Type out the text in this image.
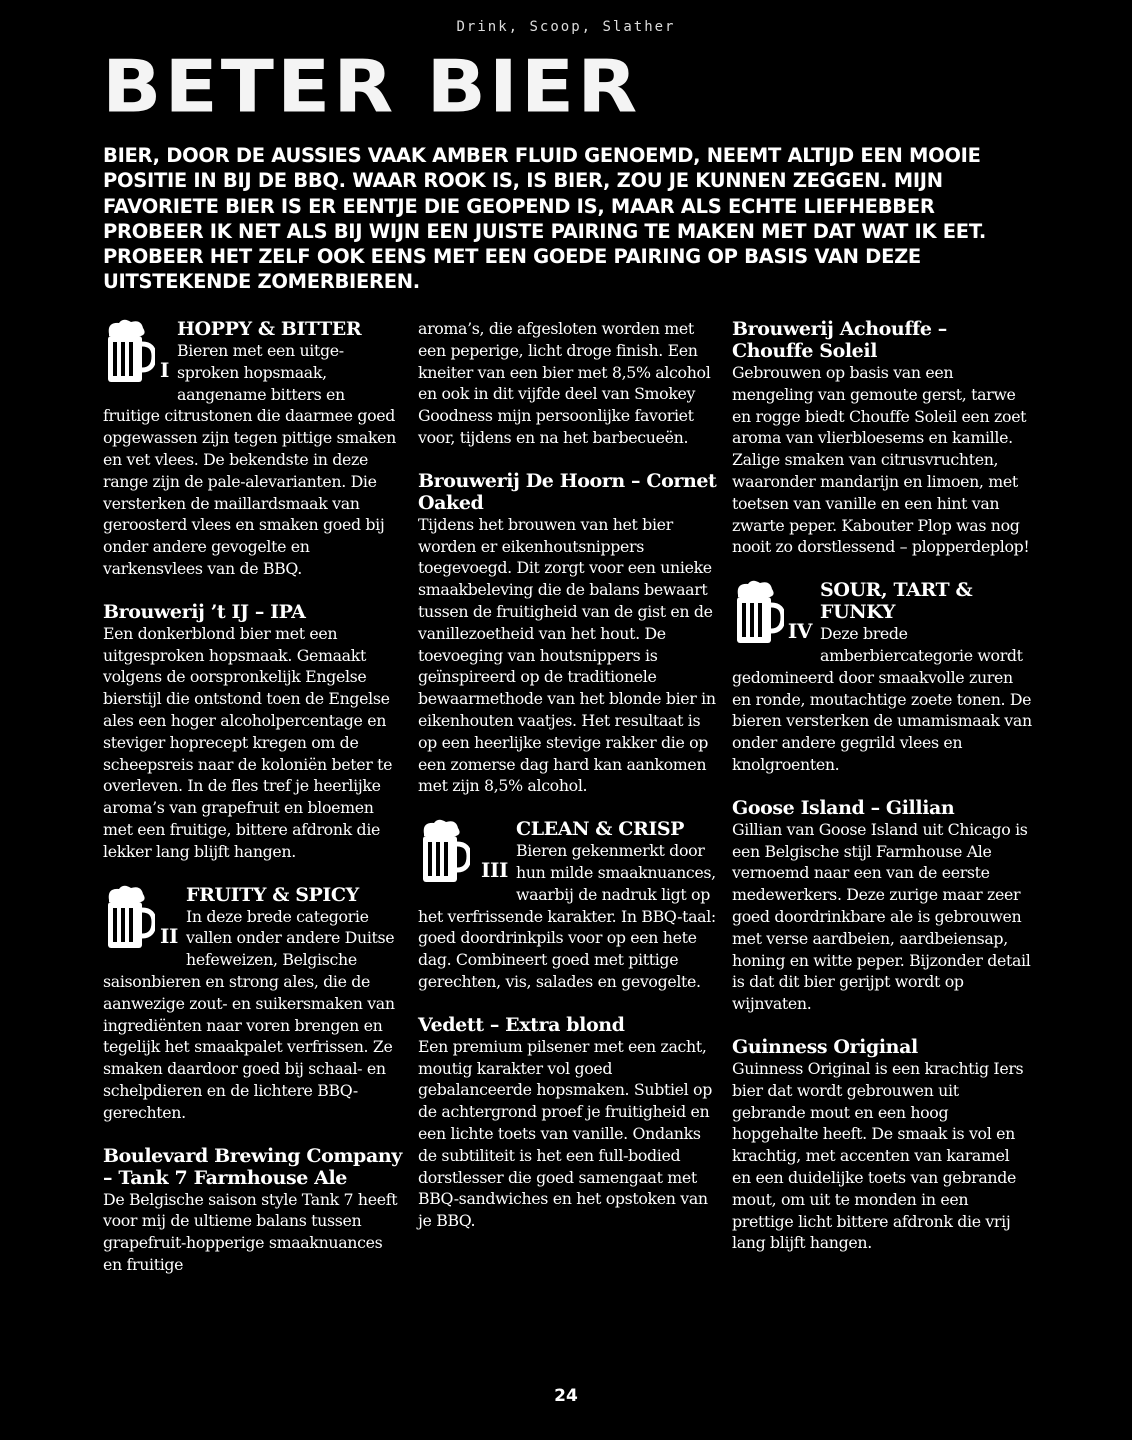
Drink, Scoop, Slather
BETER BIER

BIER, DOOR DE AUSSIES VAAK AMBER FLUID GENOEMD, NEEMT ALTIJD EEN MOOIE POSITIE IN BIJ DE BBQ. WAAR ROOK IS, IS BIER, ZOU JE KUNNEN ZEGGEN. MIJN FAVORIETE BIER IS ER EENTJE DIE GEOPEND IS, MAAR ALS ECHTE LIEFHEBBER PROBEER IK NET ALS BIJ WIJN EEN JUISTE PAIRING TE MAKEN MET DAT WAT IK EET. PROBEER HET ZELF OOK EENS MET EEN GOEDE PAIRING OP BASIS VAN DEZE UITSTEKENDE ZOMERBIEREN.

I
HOPPY & BITTER

Bieren met een uitge-sproken hopsmaak, aangename bitters en fruitige citrustonen die daarmee goed opgewassen zijn tegen pittige smaken en vet vlees. De bekendste in deze range zijn de pale-alevarianten. Die versterken de maillardsmaak van geroosterd vlees en smaken goed bij onder andere gevogelte en varkensvlees van de BBQ.

Brouwerij ’t IJ – IPA

Een donkerblond bier met een uitgesproken hopsmaak. Gemaakt volgens de oorspronkelijk Engelse bierstijl die ontstond toen de Engelse ales een hoger alcoholpercentage en steviger hoprecept kregen om de scheepsreis naar de koloniën beter te overleven. In de fles tref je heerlijke aroma’s van grapefruit en bloemen met een fruitige, bittere afdronk die lekker lang blijft hangen.

II
FRUITY & SPICY

In deze brede categorie vallen onder andere Duitse hefeweizen, Belgische saisonbieren en strong ales, die de aanwezige zout- en suikersmaken van ingrediënten naar voren brengen en tegelijk het smaakpalet verfrissen. Ze smaken daardoor goed bij schaal- en schelpdieren en de lichtere BBQ-gerechten.

Boulevard Brewing Company – Tank 7 Farmhouse Ale

De Belgische saison style Tank 7 heeft voor mij de ultieme balans tussen grapefruit-hopperige smaaknuances en fruitige

aroma’s, die afgesloten worden met een peperige, licht droge finish. Een kneiter van een bier met 8,5% alcohol en ook in dit vijfde deel van Smokey Goodness mijn persoonlijke favoriet voor, tijdens en na het barbecueën.

Brouwerij De Hoorn – Cornet Oaked

Tijdens het brouwen van het bier worden er eikenhoutsnippers toegevoegd. Dit zorgt voor een unieke smaakbeleving die de balans bewaart tussen de fruitigheid van de gist en de vanillezoetheid van het hout. De toevoeging van houtsnippers is geïnspireerd op de traditionele bewaarmethode van het blonde bier in eikenhouten vaatjes. Het resultaat is op een heerlijke stevige rakker die op een zomerse dag hard kan aankomen met zijn 8,5% alcohol.

III
CLEAN & CRISP

Bieren gekenmerkt door hun milde smaaknuances, waarbij de nadruk ligt op het verfrissende karakter. In BBQ-taal: goed doordrinkpils voor op een hete dag. Combineert goed met pittige gerechten, vis, salades en gevogelte.

Vedett – Extra blond

Een premium pilsener met een zacht, moutig karakter vol goed gebalanceerde hopsmaken. Subtiel op de achtergrond proef je fruitigheid en een lichte toets van vanille. Ondanks de subtiliteit is het een full-bodied dorstlesser die goed samengaat met BBQ-sandwiches en het opstoken van je BBQ.

Brouwerij Achouffe – Chouffe Soleil

Gebrouwen op basis van een mengeling van gemoute gerst, tarwe en rogge biedt Chouffe Soleil een zoet aroma van vlierbloesems en kamille. Zalige smaken van citrusvruchten, waaronder mandarijn en limoen, met toetsen van vanille en een hint van zwarte peper. Kabouter Plop was nog nooit zo dorstlessend – plopperdeplop!

IV
SOUR, TART & FUNKY

Deze brede amberbiercategorie wordt gedomineerd door smaakvolle zuren en ronde, moutachtige zoete tonen. De bieren versterken de umamismaak van onder andere gegrild vlees en knolgroenten.

Goose Island – Gillian

Gillian van Goose Island uit Chicago is een Belgische stijl Farmhouse Ale vernoemd naar een van de eerste medewerkers. Deze zurige maar zeer goed doordrinkbare ale is gebrouwen met verse aardbeien, aardbeiensap, honing en witte peper. Bijzonder detail is dat dit bier gerijpt wordt op wijnvaten.

Guinness Original

Guinness Original is een krachtig Iers bier dat wordt gebrouwen uit gebrande mout en een hoog hopgehalte heeft. De smaak is vol en krachtig, met accenten van karamel en een duidelijke toets van gebrande mout, om uit te monden in een prettige licht bittere afdronk die vrij lang blijft hangen.

24
